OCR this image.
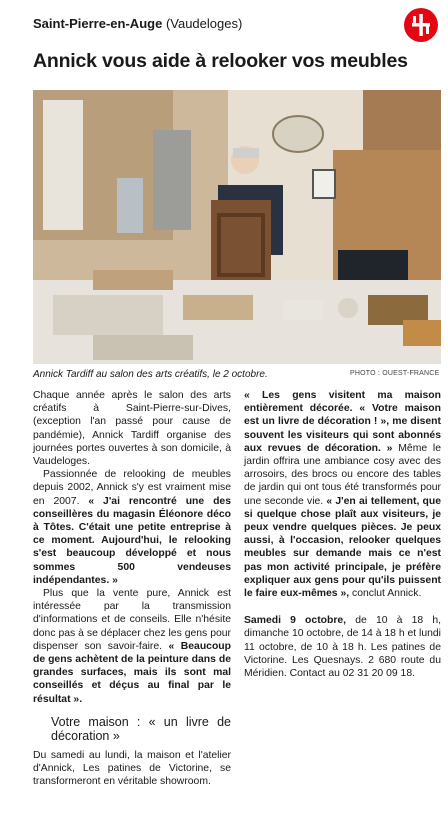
Saint-Pierre-en-Auge (Vaudeloges)
Annick vous aide à relooker vos meubles
Annick Tardiff au salon des arts créatifs, le 2 octobre.	PHOTO : OUEST-FRANCE

Chaque année après le salon des arts créatifs à Saint-Pierre-sur-Dives, (exception l'an passé pour cause de pandémie), Annick Tardiff organise des journées portes ouvertes à son domicile, à Vaudeloges.

Passionnée de relooking de meubles depuis 2002, Annick s'y est vraiment mise en 2007. « J'ai rencontré une des conseillères du magasin Éléonore déco à Tôtes. C'était une petite entreprise à ce moment. Aujourd'hui, le relooking s'est beaucoup développé et nous sommes 500 vendeuses indépendantes. »

Plus que la vente pure, Annick est intéressée par la transmission d'informations et de conseils. Elle n'hésite donc pas à se déplacer chez les gens pour dispenser son savoir-faire. « Beaucoup de gens achètent de la peinture dans de grandes surfaces, mais ils sont mal conseillés et déçus au final par le résultat ».

Votre maison : « un livre de décoration »

Du samedi au lundi, la maison et l'atelier d'Annick, Les patines de Victorine, se transformeront en véritable showroom.

« Les gens visitent ma maison entièrement décorée. « Votre maison est un livre de décoration ! », me disent souvent les visiteurs qui sont abonnés aux revues de décoration. » Même le jardin offrira une ambiance cosy avec des arrosoirs, des brocs ou encore des tables de jardin qui ont tous été transformés pour une seconde vie. « J'en ai tellement, que si quelque chose plaît aux visiteurs, je peux vendre quelques pièces. Je peux aussi, à l'occasion, relooker quelques meubles sur demande mais ce n'est pas mon activité principale, je préfère expliquer aux gens pour qu'ils puissent le faire eux-mêmes », conclut Annick.

Samedi 9 octobre, de 10 à 18 h, dimanche 10 octobre, de 14 à 18 h et lundi 11 octobre, de 10 à 18 h. Les patines de Victorine. Les Quesnays. 2 680 route du Méridien. Contact au 02 31 20 09 18.
